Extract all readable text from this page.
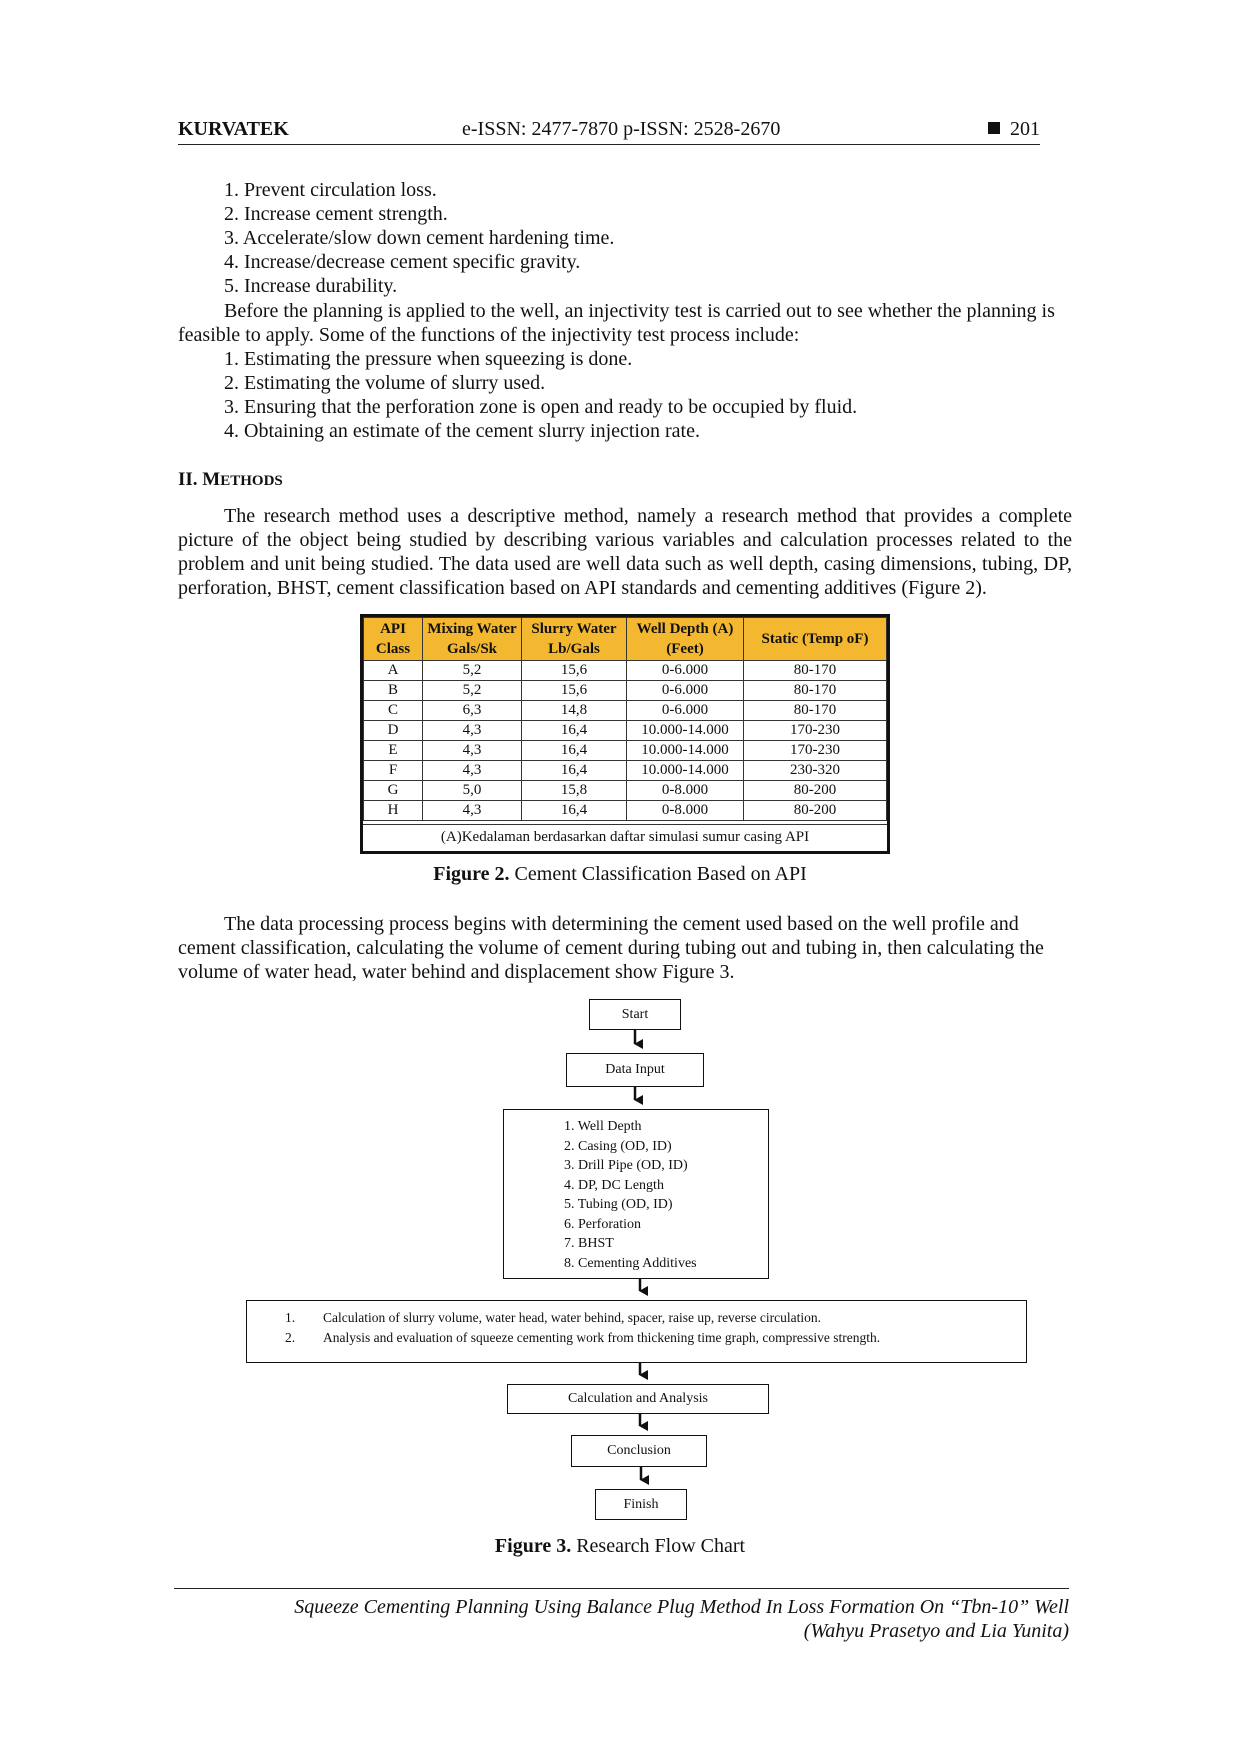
KURVATEK	e-ISSN: 2477-7870 p-ISSN: 2528-2670	201
1. Prevent circulation loss.
2. Increase cement strength.
3. Accelerate/slow down cement hardening time.
4. Increase/decrease cement specific gravity.
5. Increase durability.
Before the planning is applied to the well, an injectivity test is carried out to see whether the planning is feasible to apply. Some of the functions of the injectivity test process include:
1. Estimating the pressure when squeezing is done.
2. Estimating the volume of slurry used.
3. Ensuring that the perforation zone is open and ready to be occupied by fluid.
4. Obtaining an estimate of the cement slurry injection rate.
II. METHODS
The research method uses a descriptive method, namely a research method that provides a complete picture of the object being studied by describing various variables and calculation processes related to the problem and unit being studied. The data used are well data such as well depth, casing dimensions, tubing, DP, perforation, BHST, cement classification based on API standards and cementing additives (Figure 2).
API Class	Mixing Water Gals/Sk	Slurry Water Lb/Gals	Well Depth (A) (Feet)	Static (Temp oF)
A	5,2	15,6	0-6.000	80-170
B	5,2	15,6	0-6.000	80-170
C	6,3	14,8	0-6.000	80-170
D	4,3	16,4	10.000-14.000	170-230
E	4,3	16,4	10.000-14.000	170-230
F	4,3	16,4	10.000-14.000	230-320
G	5,0	15,8	0-8.000	80-200
H	4,3	16,4	0-8.000	80-200
(A)Kedalaman berdasarkan daftar simulasi sumur casing API
Figure 2. Cement Classification Based on API
The data processing process begins with determining the cement used based on the well profile and cement classification, calculating the volume of cement during tubing out and tubing in, then calculating the volume of water head, water behind and displacement show Figure 3.
Start
Data Input
1. Well Depth
2. Casing (OD, ID)
3. Drill Pipe (OD, ID)
4. DP, DC Length
5. Tubing (OD, ID)
6. Perforation
7. BHST
8. Cementing Additives
1. Calculation of slurry volume, water head, water behind, spacer, raise up, reverse circulation.
2. Analysis and evaluation of squeeze cementing work from thickening time graph, compressive strength.
Calculation and Analysis
Conclusion
Finish
Figure 3. Research Flow Chart
Squeeze Cementing Planning Using Balance Plug Method In Loss Formation On “Tbn-10” Well
(Wahyu Prasetyo and Lia Yunita)
